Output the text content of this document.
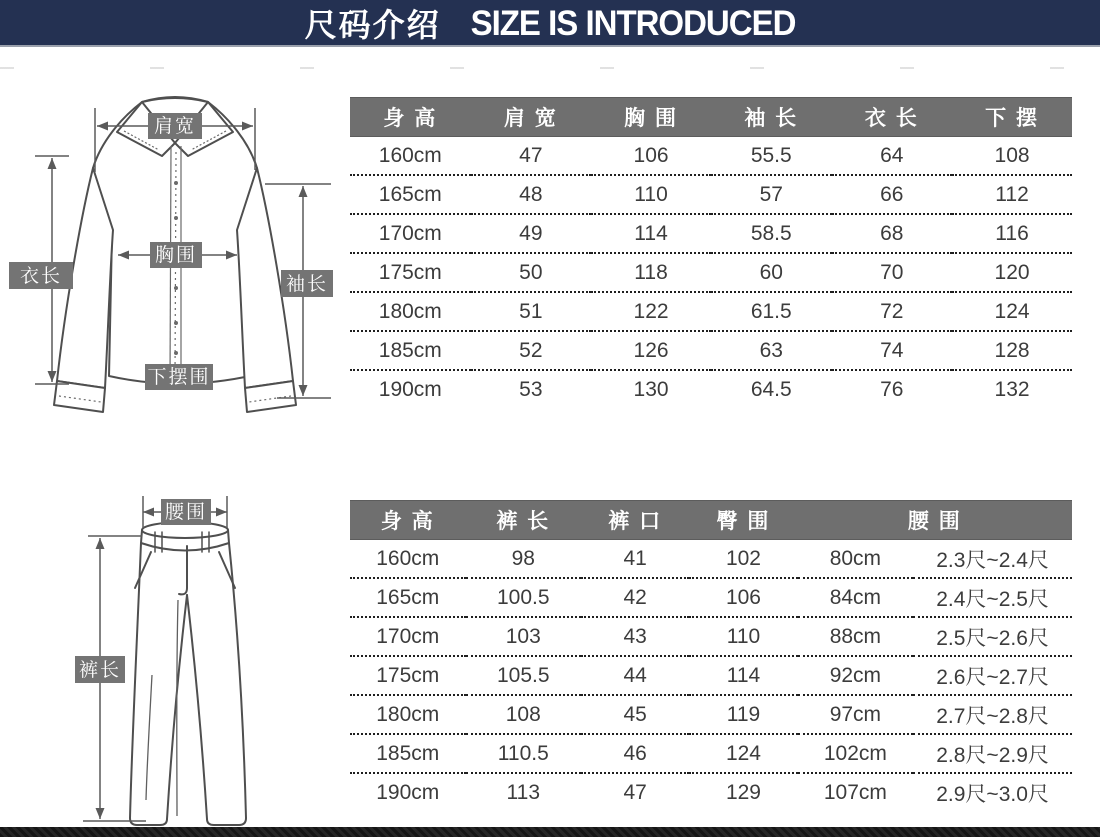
尺码介绍 SIZE IS INTRODUCED
肩宽
衣长
胸围
袖长
下摆围
腰围
裤长
身 高	肩 宽	胸 围	袖 长	衣 长	下 摆
160cm	47	106	55.5	64	108
165cm	48	110	57	66	112
170cm	49	114	58.5	68	116
175cm	50	118	60	70	120
180cm	51	122	61.5	72	124
185cm	52	126	63	74	128
190cm	53	130	64.5	76	132
身 高	裤 长	裤 口	臀 围	腰 围	
160cm	98	41	102	80cm	2.3尺~2.4尺
165cm	100.5	42	106	84cm	2.4尺~2.5尺
170cm	103	43	110	88cm	2.5尺~2.6尺
175cm	105.5	44	114	92cm	2.6尺~2.7尺
180cm	108	45	119	97cm	2.7尺~2.8尺
185cm	110.5	46	124	102cm	2.8尺~2.9尺
190cm	113	47	129	107cm	2.9尺~3.0尺
